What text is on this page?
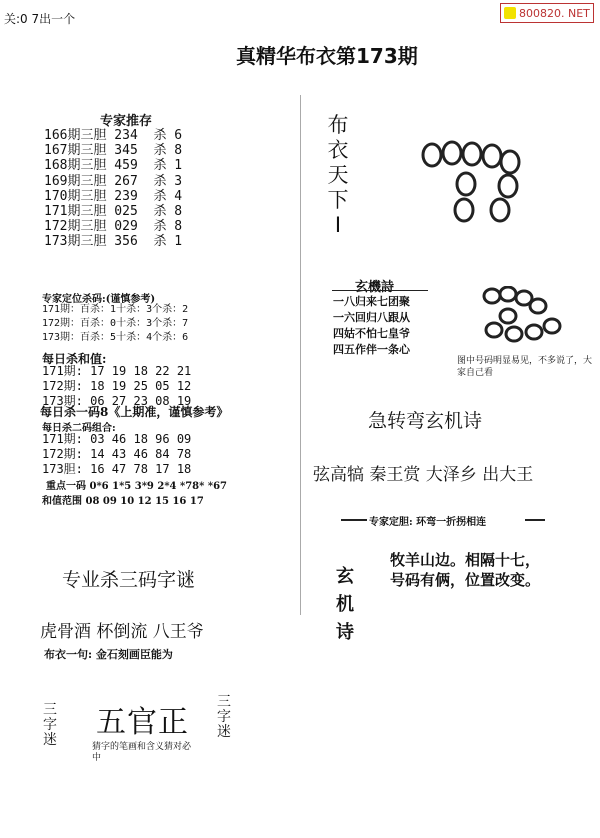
关:0 7出一个	800820. NET
真精华布衣第173期
专家推存
166期三胆 234  杀 6
167期三胆 345  杀 8
168期三胆 459  杀 1
169期三胆 267  杀 3
170期三胆 239  杀 4
171期三胆 025  杀 8
172期三胆 029  杀 8
173期三胆 356  杀 1
专家定位杀码:(谨慎参考)
171期：百杀：1十杀：3个杀：2
172期：百杀：0十杀：3个杀：7
173期：百杀：5十杀：4个杀：6
每日杀和值:
171期: 17 19 18 22 21
172期: 18 19 25 05 12
173期: 06 27 23 08 19
每日杀一码8《上期准，谨慎参考》
每日杀二码组合:
171期: 03 46 18 96 09
172期: 14 43 46 84 78
173胆: 16 47 78 17 18
重点一码 0*6 1*5 3*9 2*4 *78* *67
和值范围 08 09 10 12 15 16 17
专业杀三码字谜
虎骨酒 杯倒流 八王爷
布衣一句: 金石刻画臣能为
三
字
迷 五官正
猜字的笔画和含义猜对必中
三
字
迷
布
衣
天
下
I
玄機詩
一八归来七团聚
一六回归八跟从
四姑不怕七皇爷
四五作伴一条心
图中号码明显易见，不多说了，大家自己看
急转弯玄机诗
弦高犒 秦王赏 大泽乡 出大王
专家定胆: 环弯一折拐相连
玄
机
诗
牧羊山边。相隔十七，
号码有俩，位置改变。
